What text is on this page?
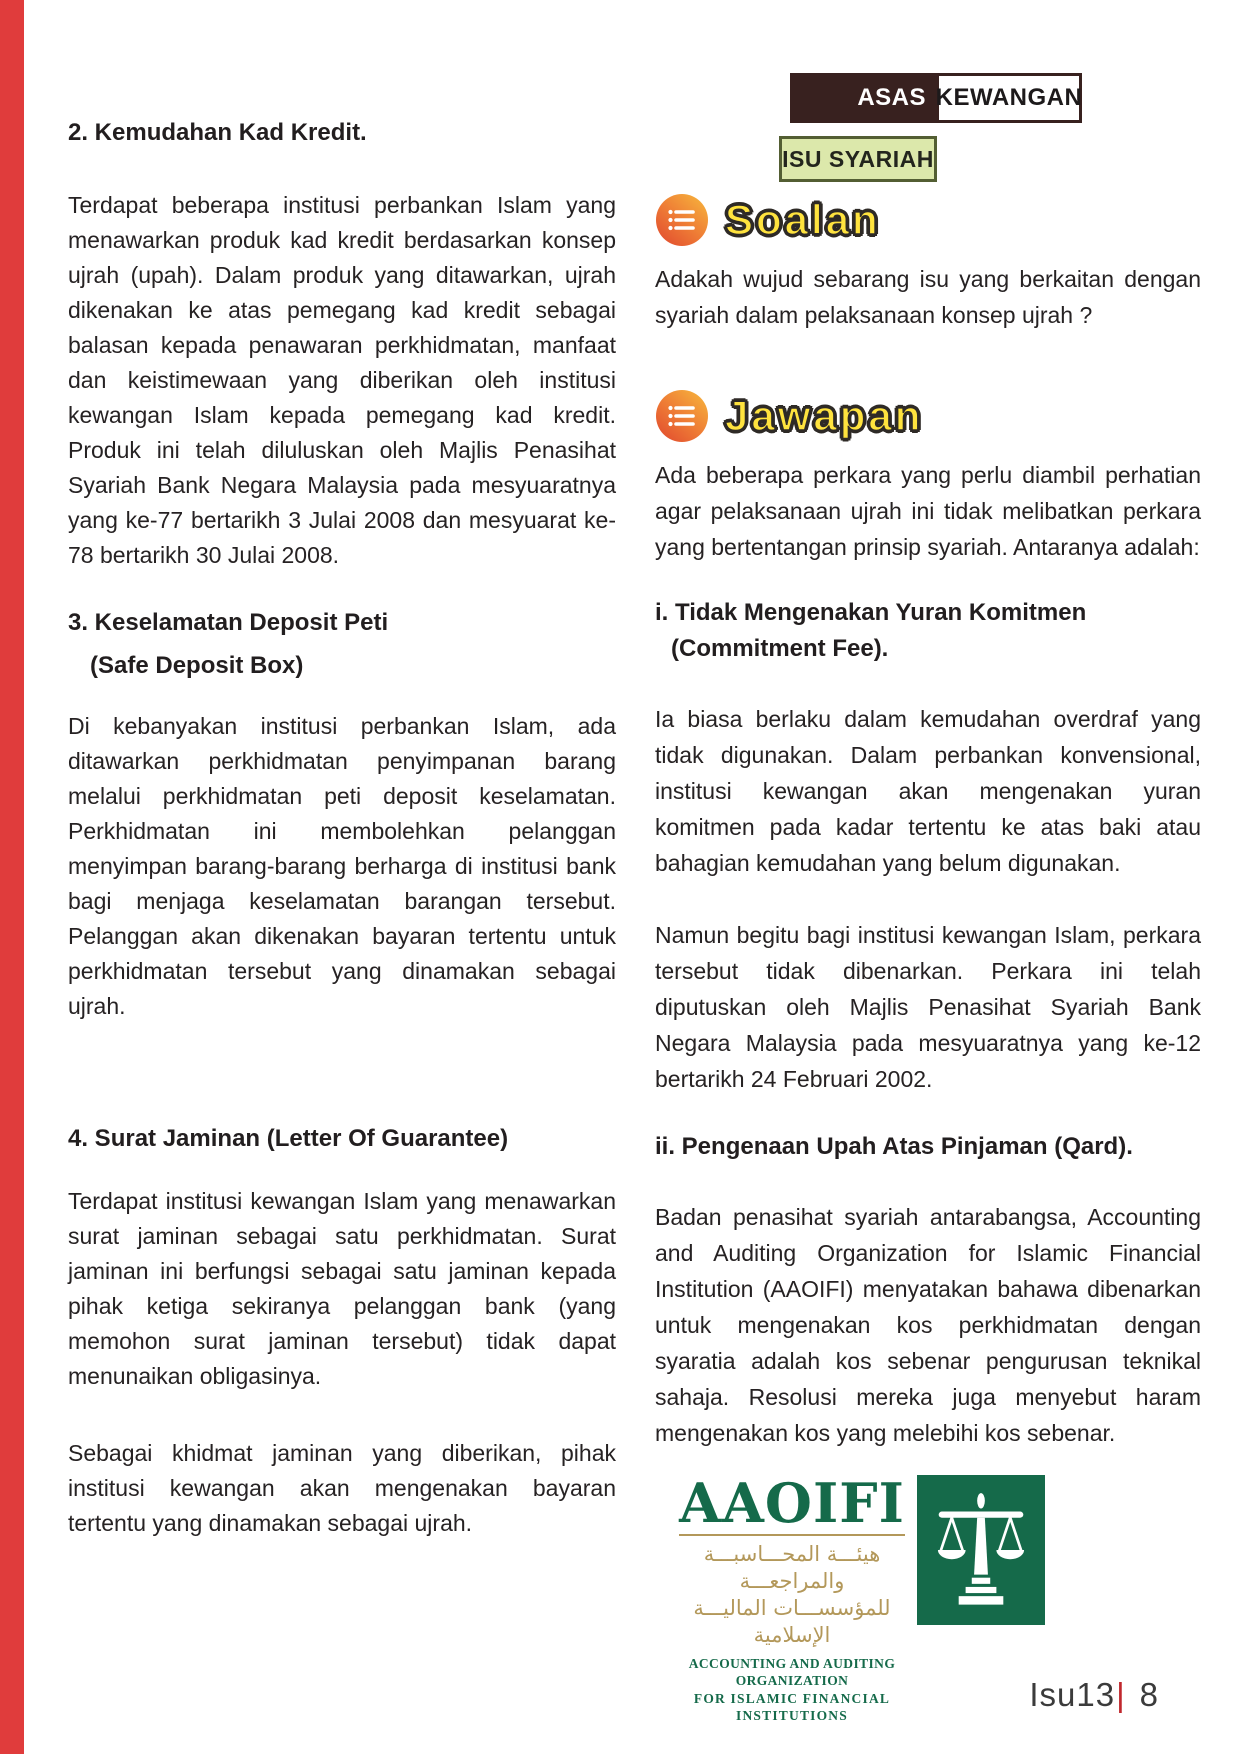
ASAS KEWANGAN
ISU SYARIAH
2. Kemudahan Kad Kredit.
Terdapat beberapa institusi perbankan Islam yang menawarkan produk kad kredit berdasarkan konsep ujrah (upah). Dalam produk yang ditawarkan, ujrah dikenakan ke atas pemegang kad kredit sebagai balasan kepada penawaran perkhidmatan, manfaat dan keistimewaan yang diberikan oleh institusi kewangan Islam kepada pemegang kad kredit. Produk ini telah diluluskan oleh Majlis Penasihat Syariah Bank Negara Malaysia pada mesyuaratnya yang ke-77 bertarikh 3 Julai 2008 dan mesyuarat ke-78 bertarikh 30 Julai 2008.
3. Keselamatan Deposit Peti
(Safe Deposit Box)
Di kebanyakan institusi perbankan Islam, ada ditawarkan perkhidmatan penyimpanan barang melalui perkhidmatan peti deposit keselamatan. Perkhidmatan ini membolehkan pelanggan menyimpan barang-barang berharga di institusi bank bagi menjaga keselamatan barangan tersebut. Pelanggan akan dikenakan bayaran tertentu untuk perkhidmatan tersebut yang dinamakan sebagai ujrah.
4. Surat Jaminan (Letter Of Guarantee)
Terdapat institusi kewangan Islam yang menawarkan surat jaminan sebagai satu perkhidmatan. Surat jaminan ini berfungsi sebagai satu jaminan kepada pihak ketiga sekiranya pelanggan bank (yang memohon surat jaminan tersebut) tidak dapat menunaikan obligasinya.
Sebagai khidmat jaminan yang diberikan, pihak institusi kewangan akan mengenakan bayaran tertentu yang dinamakan sebagai ujrah.
Soalan
Adakah wujud sebarang isu yang berkaitan dengan syariah dalam pelaksanaan konsep ujrah ?
Jawapan
Ada beberapa perkara yang perlu diambil perhatian agar pelaksanaan ujrah ini tidak melibatkan perkara yang bertentangan prinsip syariah. Antaranya adalah:
i. Tidak Mengenakan Yuran Komitmen
(Commitment Fee).
Ia biasa berlaku dalam kemudahan overdraf yang tidak digunakan. Dalam perbankan konvensional, institusi kewangan akan mengenakan yuran komitmen pada kadar tertentu ke atas baki atau bahagian kemudahan yang belum digunakan.
Namun begitu bagi institusi kewangan Islam, perkara tersebut tidak dibenarkan. Perkara ini telah diputuskan oleh Majlis Penasihat Syariah Bank Negara Malaysia pada mesyuaratnya yang ke-12 bertarikh 24 Februari 2002.
ii. Pengenaan Upah Atas Pinjaman (Qard).
Badan penasihat syariah antarabangsa, Accounting and Auditing Organization for Islamic Financial Institution (AAOIFI) menyatakan bahawa dibenarkan untuk mengenakan kos perkhidmatan dengan syaratia adalah kos sebenar pengurusan teknikal sahaja. Resolusi mereka juga menyebut haram mengenakan kos yang melebihi kos sebenar.
AAOIFI
هيئـــة المحـــاسبـــة والمراجعـــة
للمؤسســـات الماليـــة الإسلامية
ACCOUNTING AND AUDITING ORGANIZATION
FOR ISLAMIC FINANCIAL INSTITUTIONS
Isu13| 8
